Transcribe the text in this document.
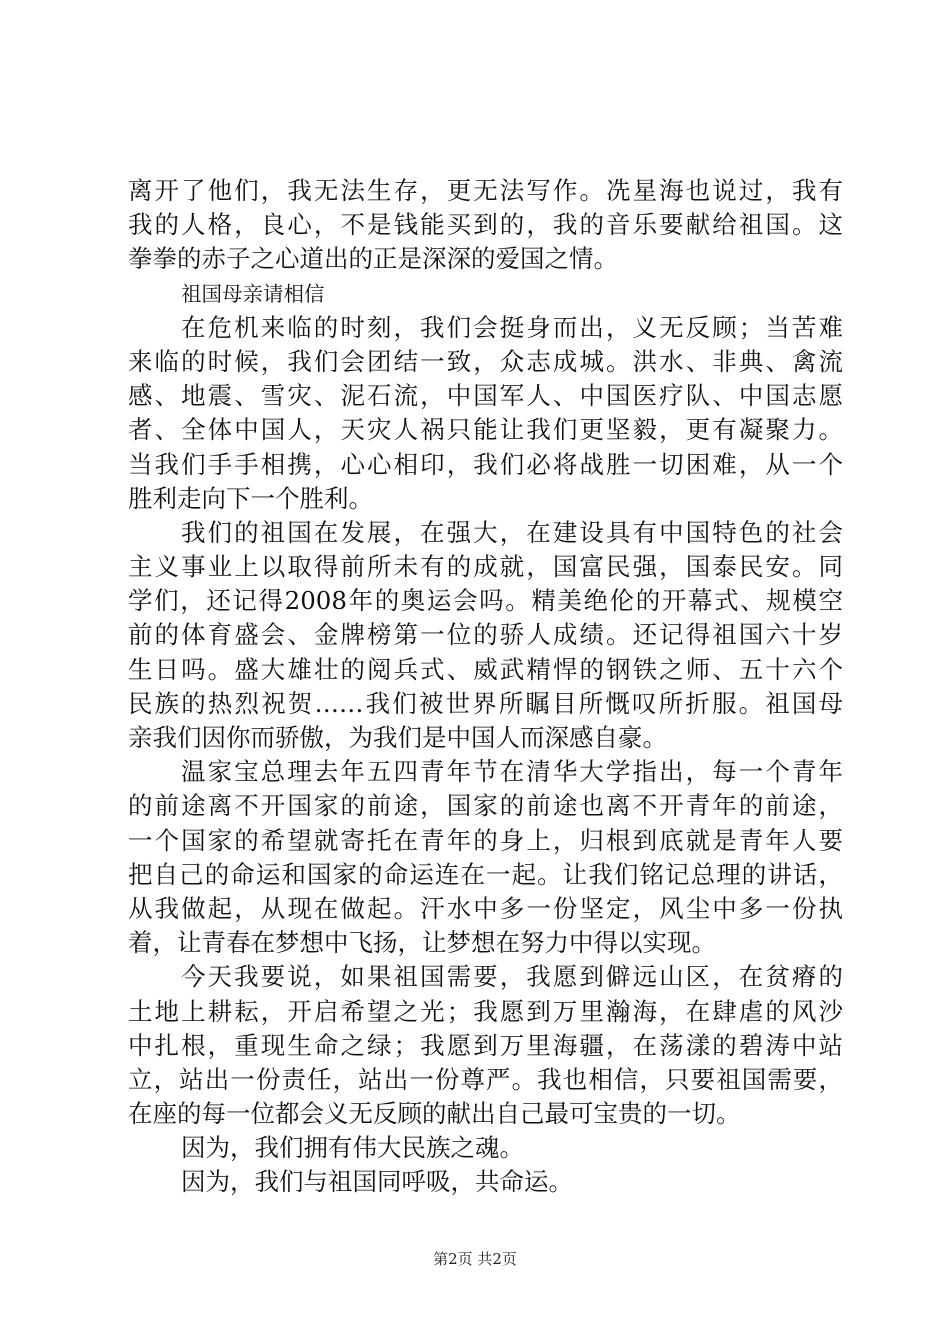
离开了他们，我无法生存，更无法写作。冼星海也说过，我有
我的人格，良心，不是钱能买到的，我的音乐要献给祖国。这
拳拳的赤子之心道出的正是深深的爱国之情。
祖国母亲请相信
在危机来临的时刻，我们会挺身而出，义无反顾；当苦难
来临的时候，我们会团结一致，众志成城。洪水、非典、禽流
感、地震、雪灾、泥石流，中国军人、中国医疗队、中国志愿
者、全体中国人，天灾人祸只能让我们更坚毅，更有凝聚力。
当我们手手相携，心心相印，我们必将战胜一切困难，从一个
胜利走向下一个胜利。
我们的祖国在发展，在强大，在建设具有中国特色的社会
主义事业上以取得前所未有的成就，国富民强，国泰民安。同
学们，还记得2008年的奥运会吗。精美绝伦的开幕式、规模空
前的体育盛会、金牌榜第一位的骄人成绩。还记得祖国六十岁
生日吗。盛大雄壮的阅兵式、威武精悍的钢铁之师、五十六个
民族的热烈祝贺……我们被世界所瞩目所慨叹所折服。祖国母
亲我们因你而骄傲，为我们是中国人而深感自豪。
温家宝总理去年五四青年节在清华大学指出，每一个青年
的前途离不开国家的前途，国家的前途也离不开青年的前途，
一个国家的希望就寄托在青年的身上，归根到底就是青年人要
把自己的命运和国家的命运连在一起。让我们铭记总理的讲话，
从我做起，从现在做起。汗水中多一份坚定，风尘中多一份执
着，让青春在梦想中飞扬，让梦想在努力中得以实现。
今天我要说，如果祖国需要，我愿到僻远山区，在贫瘠的
土地上耕耘，开启希望之光；我愿到万里瀚海，在肆虐的风沙
中扎根，重现生命之绿；我愿到万里海疆，在荡漾的碧涛中站
立，站出一份责任，站出一份尊严。我也相信，只要祖国需要，
在座的每一位都会义无反顾的献出自己最可宝贵的一切。
因为，我们拥有伟大民族之魂。
因为，我们与祖国同呼吸，共命运。
第2页 共2页
